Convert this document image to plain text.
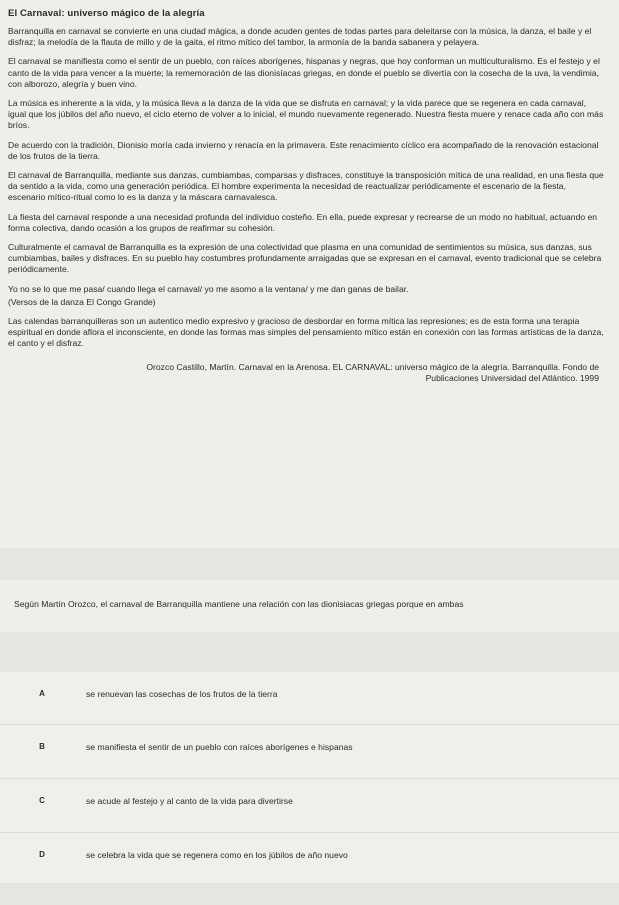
El Carnaval: universo mágico de la alegría
Barranquilla en carnaval se convierte en una ciudad mágica, a donde acuden gentes de todas partes para deleitarse con la música, la danza, el baile y el disfraz; la melodía de la flauta de millo y de la gaita, el ritmo mítico del tambor, la armonía de la banda sabanera y pelayera.
El carnaval se manifiesta como el sentir de un pueblo, con raíces aborígenes, hispanas y negras, que hoy conforman un multiculturalismo. Es el festejo y el canto de la vida para vencer a la muerte; la rememoración de las dionisíacas griegas, en donde el pueblo se divertía con la cosecha de la uva, la vendimia, con alborozo, alegría y buen vino.
La música es inherente a la vida, y la música lleva a la danza de la vida que se disfruta en carnaval; y la vida parece que se regenera en cada carnaval, igual que los júbilos del año nuevo, el ciclo eterno de volver a lo inicial, el mundo nuevamente regenerado. Nuestra fiesta muere y renace cada año con más bríos.
De acuerdo con la tradición, Dionisio moría cada invierno y renacía en la primavera. Este renacimiento cíclico era acompañado de la renovación estacional de los frutos de la tierra.
El carnaval de Barranquilla, mediante sus danzas, cumbiambas, comparsas y disfraces, constituye la transposición mítica de una realidad, en una fiesta que da sentido a la vida, como una generación periódica. El hombre experimenta la necesidad de reactualizar periódicamente el escenario de la fiesta, escenario mítico-ritual como lo es la danza y la máscara carnavalesca.
La fiesta del carnaval responde a una necesidad profunda del individuo costeño. En ella, puede expresar y recrearse de un modo no habitual, actuando en forma colectiva, dando ocasión a los grupos de reafirmar su cohesión.
Culturalmente el carnaval de Barranquilla es la expresión de una colectividad que plasma en una comunidad de sentimientos su música, sus danzas, sus cumbiambas, bailes y disfraces. En su pueblo hay costumbres profundamente arraigadas que se expresan en el carnaval, evento tradicional que se celebra periódicamente.
Yo no se lo que me pasa/ cuando llega el carnaval/ yo me asomo a la ventana/ y me dan ganas de bailar.
(Versos de la danza El Congo Grande)
Las calendas barranquilleras son un autentico medio expresivo y gracioso de desbordar en forma mítica las represiones; es de esta forma una terapia espiritual en donde aflora el inconsciente, en donde las formas mas simples del pensamiento mítico están en conexión con las formas artísticas de la danza, el canto y el disfraz.
Orozco Castillo, Martín. Carnaval en la Arenosa. EL CARNAVAL: universo mágico de la alegría. Barranquilla. Fondo de
Publicaciones Universidad del Atlántico. 1999
Según Martín Orozco, el carnaval de Barranquilla mantiene una relación con las dionisiacas griegas porque en ambas
A	se renuevan las cosechas de los frutos de la tierra
B	se manifiesta el sentir de un pueblo con raíces aborígenes e hispanas
C	se acude al festejo y al canto de la vida para divertirse
D	se celebra la vida que se regenera como en los júbilos de año nuevo
